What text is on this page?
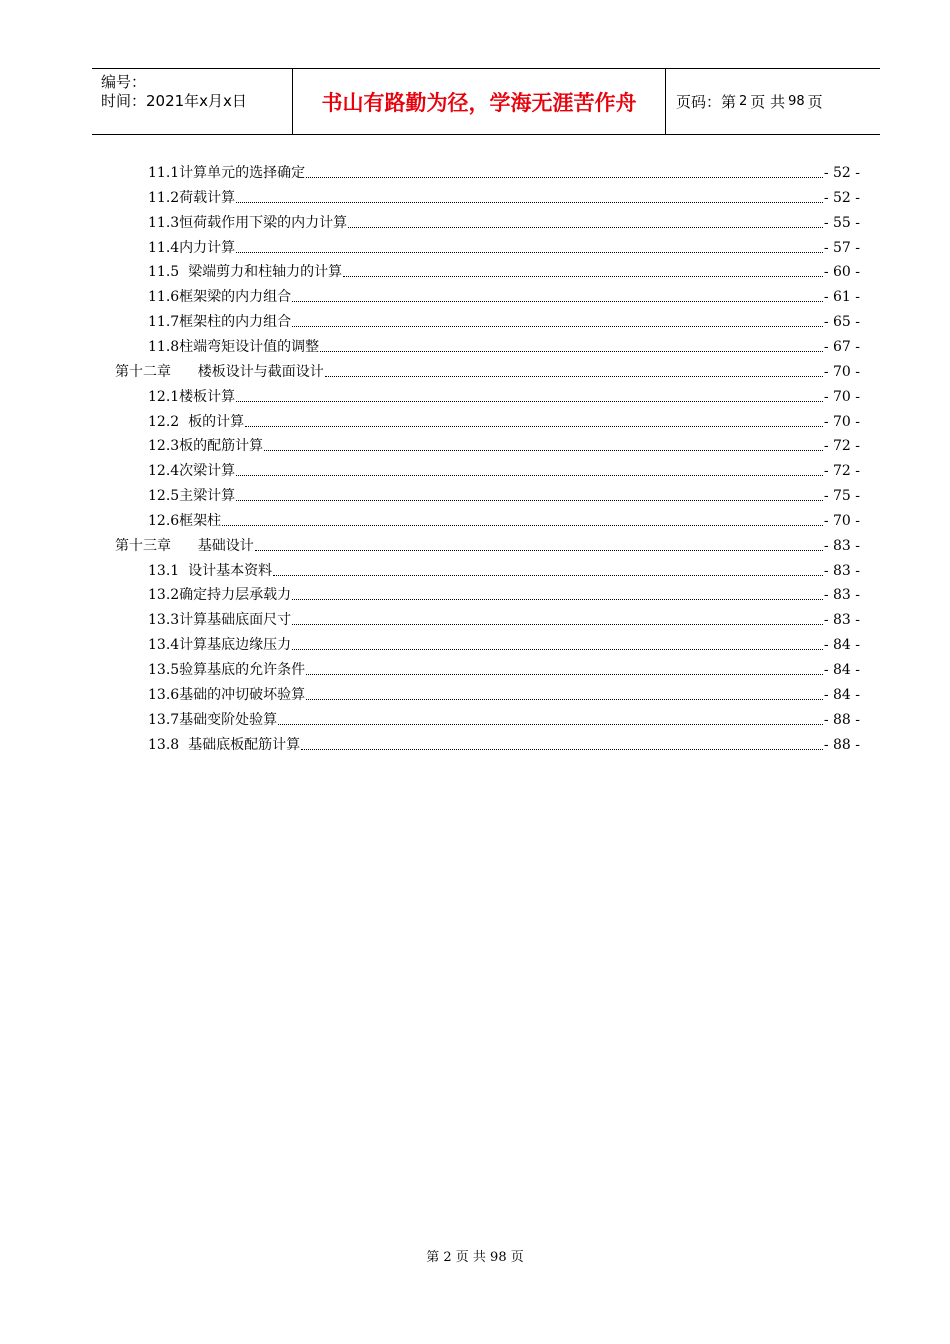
编号：
时间：2021年x月x日	书山有路勤为径，学海无涯苦作舟	页码：第 2 页 共 98 页
11.1计算单元的选择确定	- 52 -
11.2荷载计算	- 52 -
11.3恒荷载作用下梁的内力计算	- 55 -
11.4内力计算	- 57 -
11.5  梁端剪力和柱轴力的计算	- 60 -
11.6框架梁的内力组合	- 61 -
11.7框架柱的内力组合	- 65 -
11.8柱端弯矩设计值的调整	- 67 -
第十二章      楼板设计与截面设计	- 70 -
12.1楼板计算	- 70 -
12.2  板的计算	- 70 -
12.3板的配筋计算	- 72 -
12.4次梁计算	- 72 -
12.5主梁计算	- 75 -
12.6框架柱	- 70 -
第十三章      基础设计	- 83 -
13.1  设计基本资料	- 83 -
13.2确定持力层承载力	- 83 -
13.3计算基础底面尺寸	- 83 -
13.4计算基底边缘压力	- 84 -
13.5验算基底的允许条件	- 84 -
13.6基础的冲切破坏验算	- 84 -
13.7基础变阶处验算	- 88 -
13.8  基础底板配筋计算	- 88 -
第 2 页 共 98 页
